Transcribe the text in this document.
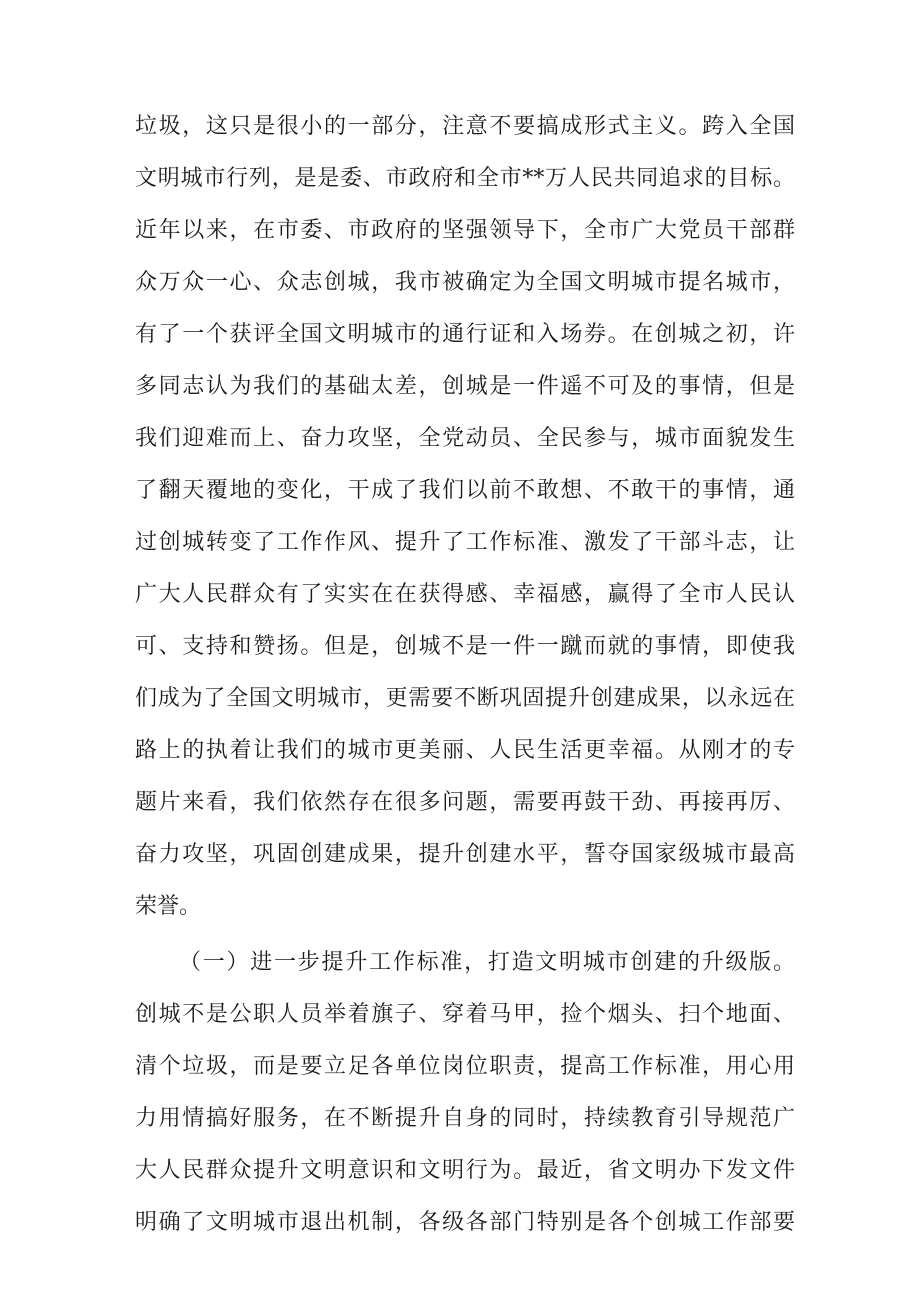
垃圾，这只是很小的一部分，注意不要搞成形式主义。跨入全国
文明城市行列，是是委、市政府和全市**万人民共同追求的目标。
近年以来，在市委、市政府的坚强领导下，全市广大党员干部群
众万众一心、众志创城，我市被确定为全国文明城市提名城市，
有了一个获评全国文明城市的通行证和入场券。在创城之初，许
多同志认为我们的基础太差，创城是一件遥不可及的事情，但是
我们迎难而上、奋力攻坚，全党动员、全民参与，城市面貌发生
了翻天覆地的变化，干成了我们以前不敢想、不敢干的事情，通
过创城转变了工作作风、提升了工作标准、激发了干部斗志，让
广大人民群众有了实实在在获得感、幸福感，赢得了全市人民认
可、支持和赞扬。但是，创城不是一件一蹴而就的事情，即使我
们成为了全国文明城市，更需要不断巩固提升创建成果，以永远在
路上的执着让我们的城市更美丽、人民生活更幸福。从刚才的专
题片来看，我们依然存在很多问题，需要再鼓干劲、再接再厉、
奋力攻坚，巩固创建成果，提升创建水平，誓夺国家级城市最高
荣誉。
（一）进一步提升工作标准，打造文明城市创建的升级版。
创城不是公职人员举着旗子、穿着马甲，捡个烟头、扫个地面、
清个垃圾，而是要立足各单位岗位职责，提高工作标准，用心用
力用情搞好服务，在不断提升自身的同时，持续教育引导规范广
大人民群众提升文明意识和文明行为。最近，省文明办下发文件
明确了文明城市退出机制，各级各部门特别是各个创城工作部要
